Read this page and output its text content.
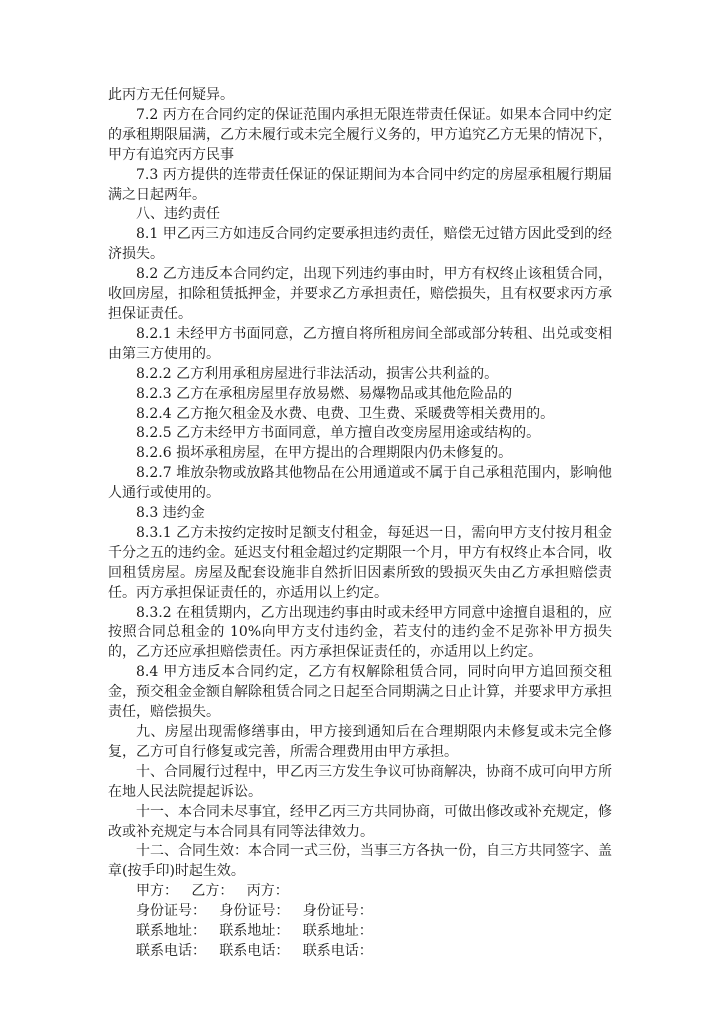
此丙方无任何疑异。

7.2 丙方在合同约定的保证范围内承担无限连带责任保证。如果本合同中约定的承租期限届满，乙方未履行或未完全履行义务的，甲方追究乙方无果的情况下，甲方有追究丙方民事

7.3 丙方提供的连带责任保证的保证期间为本合同中约定的房屋承租履行期届满之日起两年。

八、违约责任

8.1 甲乙丙三方如违反合同约定要承担违约责任，赔偿无过错方因此受到的经济损失。

8.2 乙方违反本合同约定，出现下列违约事由时，甲方有权终止该租赁合同，收回房屋，扣除租赁抵押金，并要求乙方承担责任，赔偿损失，且有权要求丙方承担保证责任。

8.2.1 未经甲方书面同意，乙方擅自将所租房间全部或部分转租、出兑或变相由第三方使用的。

8.2.2 乙方利用承租房屋进行非法活动，损害公共利益的。

8.2.3 乙方在承租房屋里存放易燃、易爆物品或其他危险品的

8.2.4 乙方拖欠租金及水费、电费、卫生费、采暖费等相关费用的。

8.2.5 乙方未经甲方书面同意，单方擅自改变房屋用途或结构的。

8.2.6 损坏承租房屋，在甲方提出的合理期限内仍未修复的。

8.2.7 堆放杂物或放路其他物品在公用通道或不属于自己承租范围内，影响他人通行或使用的。

8.3 违约金

8.3.1 乙方未按约定按时足额支付租金，每延迟一日，需向甲方支付按月租金千分之五的违约金。延迟支付租金超过约定期限一个月，甲方有权终止本合同，收回租赁房屋。房屋及配套设施非自然折旧因素所致的毁损灭失由乙方承担赔偿责任。丙方承担保证责任的，亦适用以上约定。

8.3.2 在租赁期内，乙方出现违约事由时或未经甲方同意中途擅自退租的，应按照合同总租金的 10%向甲方支付违约金，若支付的违约金不足弥补甲方损失的，乙方还应承担赔偿责任。丙方承担保证责任的，亦适用以上约定。

8.4 甲方违反本合同约定，乙方有权解除租赁合同，同时向甲方追回预交租金，预交租金金额自解除租赁合同之日起至合同期满之日止计算，并要求甲方承担责任，赔偿损失。

九、房屋出现需修缮事由，甲方接到通知后在合理期限内未修复或未完全修复，乙方可自行修复或完善，所需合理费用由甲方承担。

十、合同履行过程中，甲乙丙三方发生争议可协商解决，协商不成可向甲方所在地人民法院提起诉讼。

十一、本合同未尽事宜，经甲乙丙三方共同协商，可做出修改或补充规定，修改或补充规定与本合同具有同等法律效力。

十二、合同生效：本合同一式三份，当事三方各执一份，自三方共同签字、盖章(按手印)时起生效。

甲方：   乙方：   丙方：

身份证号：   身份证号：   身份证号：

联系地址：   联系地址：   联系地址：

联系电话：   联系电话：   联系电话：
